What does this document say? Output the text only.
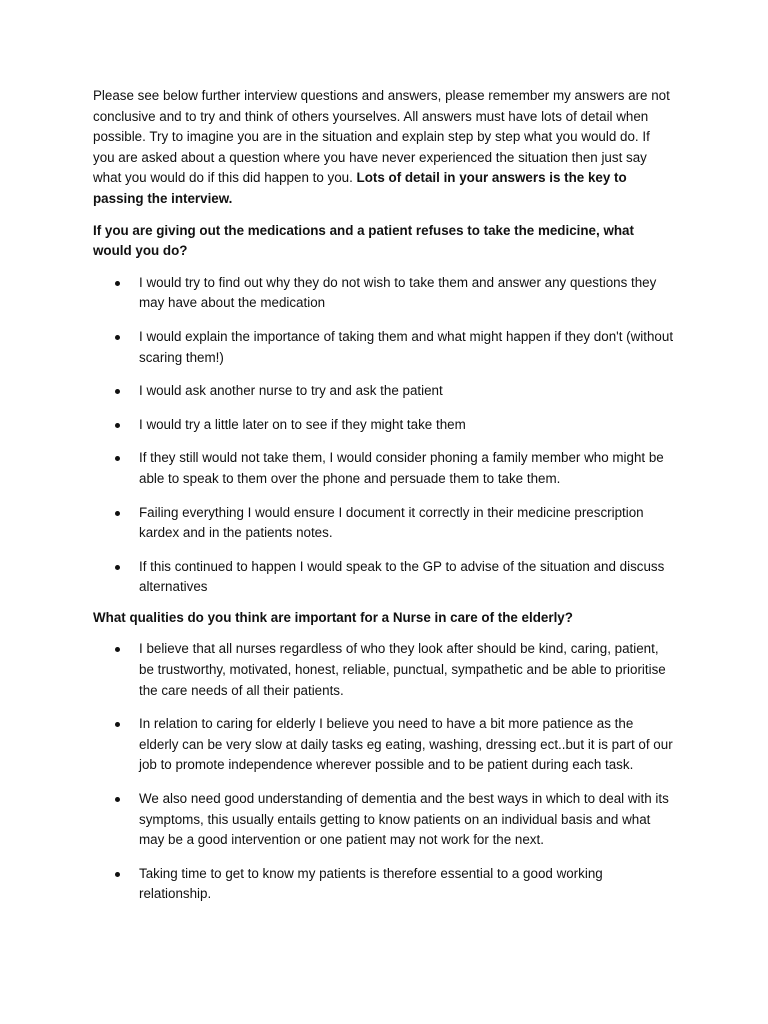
Please see below further interview questions and answers, please remember my answers are not conclusive and to try and think of others yourselves. All answers must have lots of detail when possible. Try to imagine you are in the situation and explain step by step what you would do. If you are asked about a question where you have never experienced the situation then just say what you would do if this did happen to you. Lots of detail in your answers is the key to passing the interview.

If you are giving out the medications and a patient refuses to take the medicine, what would you do?

I would try to find out why they do not wish to take them and answer any questions they may have about the medication
I would explain the importance of taking them and what might happen if they don't (without scaring them!)
I would ask another nurse to try and ask the patient
I would try a little later on to see if they might take them
If they still would not take them, I would consider phoning a family member who might be able to speak to them over the phone and persuade them to take them.
Failing everything I would ensure I document it correctly in their medicine prescription kardex and in the patients notes.
If this continued to happen I would speak to the GP to advise of the situation and discuss alternatives

What qualities do you think are important for a Nurse in care of the elderly?

I believe that all nurses regardless of who they look after should be kind, caring, patient, be trustworthy, motivated, honest, reliable, punctual, sympathetic and be able to prioritise the care needs of all their patients.
In relation to caring for elderly I believe you need to have a bit more patience as the elderly can be very slow at daily tasks eg eating, washing, dressing ect..but it is part of our job to promote independence wherever possible and to be patient during each task.
We also need good understanding of dementia and the best ways in which to deal with its symptoms, this usually entails getting to know patients on an individual basis and what may be a good intervention or one patient may not work for the next.
Taking time to get to know my patients is therefore essential to a good working relationship.
